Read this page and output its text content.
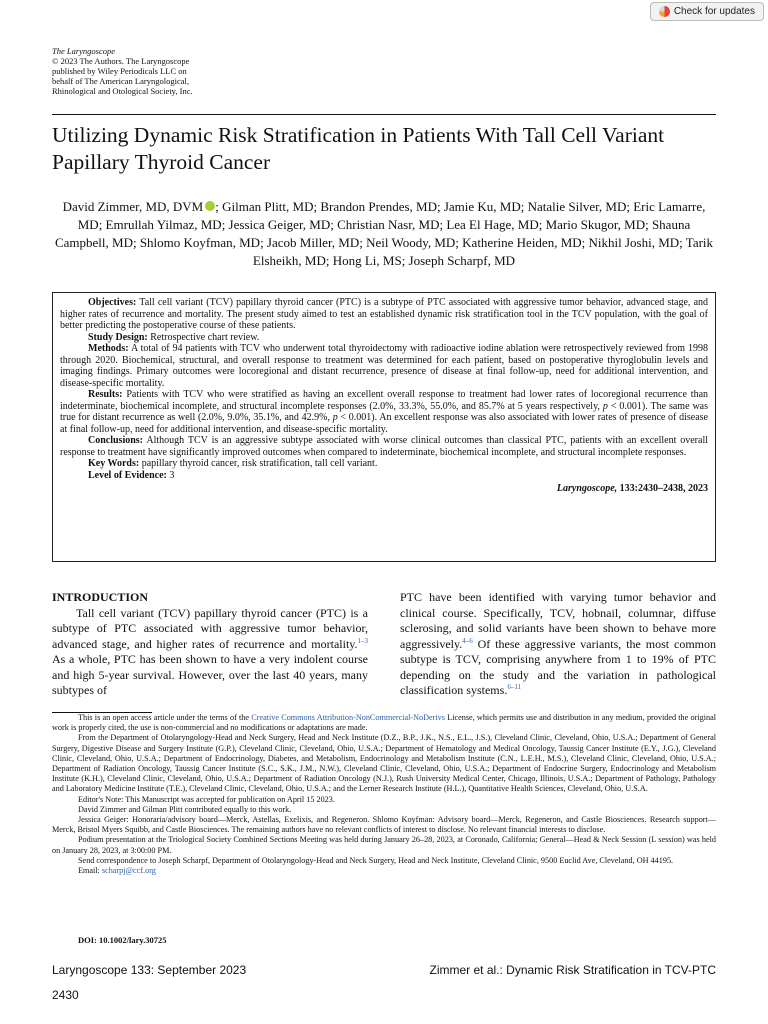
Check for updates
The Laryngoscope
© 2023 The Authors. The Laryngoscope
published by Wiley Periodicals LLC on
behalf of The American Laryngological,
Rhinological and Otological Society, Inc.
Utilizing Dynamic Risk Stratification in Patients With Tall Cell Variant Papillary Thyroid Cancer
David Zimmer, MD, DVM ; Gilman Plitt, MD; Brandon Prendes, MD; Jamie Ku, MD; Natalie Silver, MD; Eric Lamarre, MD; Emrullah Yilmaz, MD; Jessica Geiger, MD; Christian Nasr, MD; Lea El Hage, MD; Mario Skugor, MD; Shauna Campbell, MD; Shlomo Koyfman, MD; Jacob Miller, MD; Neil Woody, MD; Katherine Heiden, MD; Nikhil Joshi, MD; Tarik Elsheikh, MD; Hong Li, MS; Joseph Scharpf, MD

Objectives: Tall cell variant (TCV) papillary thyroid cancer (PTC) is a subtype of PTC associated with aggressive tumor behavior, advanced stage, and higher rates of recurrence and mortality. The present study aimed to test an established dynamic risk stratification tool in the TCV population, with the goal of better predicting the postoperative course of these patients.

Study Design: Retrospective chart review.

Methods: A total of 94 patients with TCV who underwent total thyroidectomy with radioactive iodine ablation were retrospectively reviewed from 1998 through 2020. Biochemical, structural, and overall response to treatment was determined for each patient, based on postoperative thyroglobulin levels and imaging findings. Primary outcomes were locoregional and distant recurrence, presence of disease at final follow-up, need for additional intervention, and disease-specific mortality.

Results: Patients with TCV who were stratified as having an excellent overall response to treatment had lower rates of locoregional recurrence than indeterminate, biochemical incomplete, and structural incomplete responses (2.0%, 33.3%, 55.0%, and 85.7% at 5 years respectively, p < 0.001). The same was true for distant recurrence as well (2.0%, 9.0%, 35.1%, and 42.9%, p < 0.001). An excellent response was also associated with lower rates of presence of disease at final follow-up, need for additional intervention, and disease-specific mortality.

Conclusions: Although TCV is an aggressive subtype associated with worse clinical outcomes than classical PTC, patients with an excellent overall response to treatment have significantly improved outcomes when compared to indeterminate, biochemical incomplete, and structural incomplete responses.

Key Words: papillary thyroid cancer, risk stratification, tall cell variant.

Level of Evidence: 3

Laryngoscope, 133:2430–2438, 2023
INTRODUCTION

Tall cell variant (TCV) papillary thyroid cancer (PTC) is a subtype of PTC associated with aggressive tumor behavior, advanced stage, and higher rates of recurrence and mortality.$^{1-3}$ As a whole, PTC has been shown to have a very indolent course and high 5-year survival. However, over the last 40 years, many subtypes of

PTC have been identified with varying tumor behavior and clinical course. Specifically, TCV, hobnail, columnar, diffuse sclerosing, and solid variants have been shown to behave more aggressively.$^{4-6}$ Of these aggressive variants, the most common subtype is TCV, comprising anywhere from 1 to 19% of PTC depending on the study and the variation in pathological classification systems.$^{6-11}$

This is an open access article under the terms of the Creative Commons Attribution-NonCommercial-NoDerivs License, which permits use and distribution in any medium, provided the original work is properly cited, the use is non-commercial and no modifications or adaptations are made.

From the Department of Otolaryngology-Head and Neck Surgery, Head and Neck Institute (D.Z., B.P., J.K., N.S., E.L., J.S.), Cleveland Clinic, Cleveland, Ohio, U.S.A.; Department of General Surgery, Digestive Disease and Surgery Institute (G.P.), Cleveland Clinic, Cleveland, Ohio, U.S.A.; Department of Hematology and Medical Oncology, Taussig Cancer Institute (E.Y., J.G.), Cleveland Clinic, Cleveland, Ohio, U.S.A.; Department of Endocrinology, Diabetes, and Metabolism, Endocrinology and Metabolism Institute (C.N., L.E.H., M.S.), Cleveland Clinic, Cleveland, Ohio, U.S.A.; Department of Radiation Oncology, Taussig Cancer Institute (S.C., S.K., J.M., N.W.), Cleveland Clinic, Cleveland, Ohio, U.S.A.; Department of Endocrine Surgery, Endocrinology and Metabolism Institute (K.H.), Cleveland Clinic, Cleveland, Ohio, U.S.A.; Department of Radiation Oncology (N.J.), Rush University Medical Center, Chicago, Illinois, U.S.A.; Department of Pathology, Pathology and Laboratory Medicine Institute (T.E.), Cleveland Clinic, Cleveland, Ohio, U.S.A.; and the Lerner Research Institute (H.L.), Quantitative Health Sciences, Cleveland, Ohio, U.S.A.

Editor's Note: This Manuscript was accepted for publication on April 15 2023.

David Zimmer and Gilman Plitt contributed equally to this work.

Jessica Geiger: Honoraria/advisory board—Merck, Astellas, Exelixis, and Regeneron. Shlomo Koyfman: Advisory board—Merck, Regeneron, and Castle Biosciences. Research support—Merck, Bristol Myers Squibb, and Castle Biosciences. The remaining authors have no relevant conflicts of interest to disclose. No relevant financial interests to disclose.

Podium presentation at the Triological Society Combined Sections Meeting was held during January 26–28, 2023, at Coronado, California; General—Head & Neck Session (L session) was held on January 28, 2023, at 3:00:00 PM.

Send correspondence to Joseph Scharpf, Department of Otolaryngology-Head and Neck Surgery, Head and Neck Institute, Cleveland Clinic, 9500 Euclid Ave, Cleveland, OH 44195.

Email: scharpj@ccf.org

DOI: 10.1002/lary.30725
Laryngoscope 133: September 2023	Zimmer et al.: Dynamic Risk Stratification in TCV-PTC
2430
